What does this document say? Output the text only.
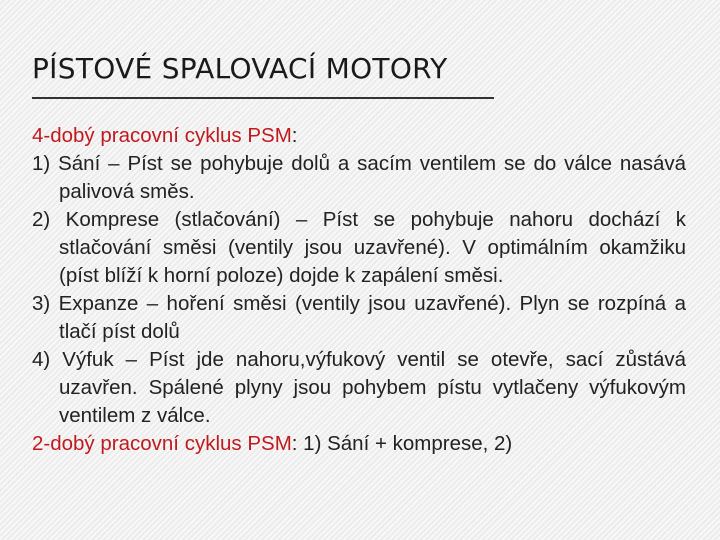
PÍSTOVÉ SPALOVACÍ MOTORY

4-dobý pracovní cyklus PSM:

1) Sání – Píst se pohybuje dolů a sacím ventilem se do válce nasává palivová směs.

2) Komprese (stlačování) – Píst se pohybuje nahoru dochází k stlačování směsi (ventily jsou uzavřené). V optimálním okamžiku (píst blíží k horní poloze) dojde k zapálení směsi.

3) Expanze – hoření směsi (ventily jsou uzavřené). Plyn se rozpíná a tlačí píst dolů

4) Výfuk – Píst jde nahoru,výfukový ventil se otevře, sací zůstává uzavřen. Spálené plyny jsou pohybem pístu vytlačeny výfukovým ventilem z válce.

2-dobý pracovní cyklus PSM: 1) Sání + komprese, 2)
